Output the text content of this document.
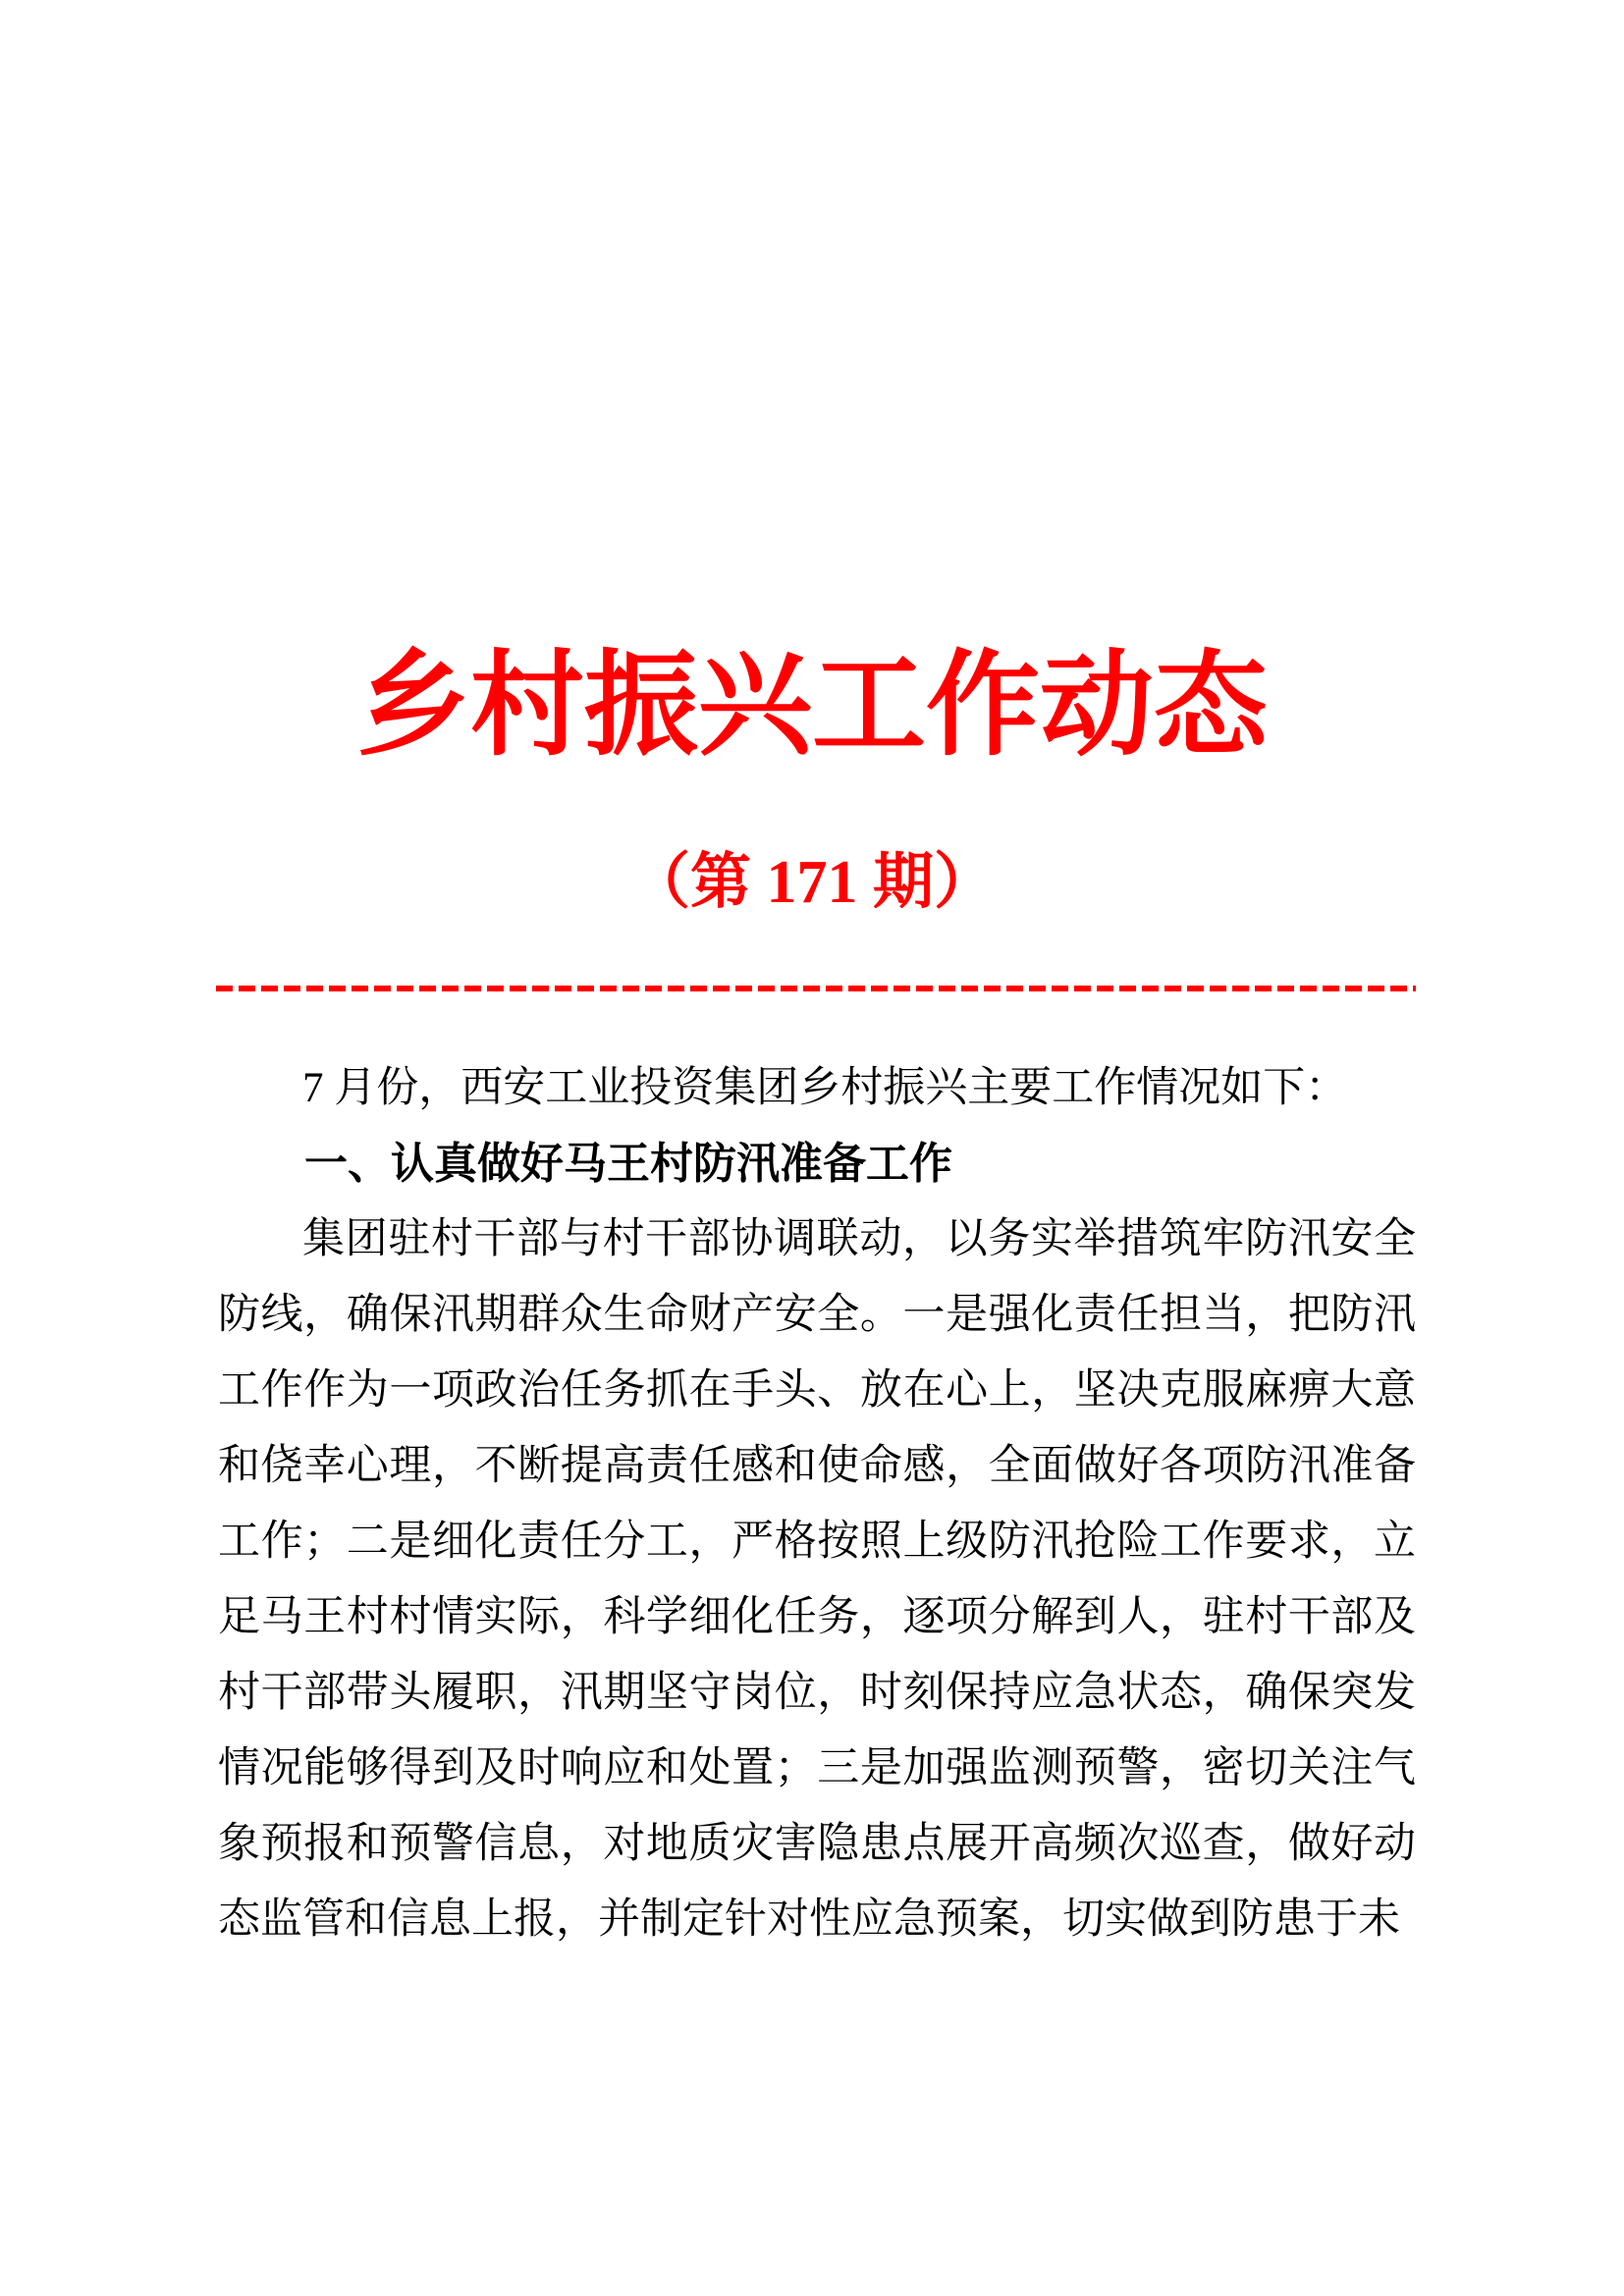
乡村振兴工作动态
（第 171 期）

7 月份，西安工业投资集团乡村振兴主要工作情况如下：

一、认真做好马王村防汛准备工作

集团驻村干部与村干部协调联动，以务实举措筑牢防汛安全防线，确保汛期群众生命财产安全。一是强化责任担当，把防汛工作作为一项政治任务抓在手头、放在心上，坚决克服麻痹大意和侥幸心理，不断提高责任感和使命感，全面做好各项防汛准备工作；二是细化责任分工，严格按照上级防汛抢险工作要求，立足马王村村情实际，科学细化任务，逐项分解到人，驻村干部及村干部带头履职，汛期坚守岗位，时刻保持应急状态，确保突发情况能够得到及时响应和处置；三是加强监测预警，密切关注气象预报和预警信息，对地质灾害隐患点展开高频次巡查，做好动态监管和信息上报，并制定针对性应急预案，切实做到防患于未
